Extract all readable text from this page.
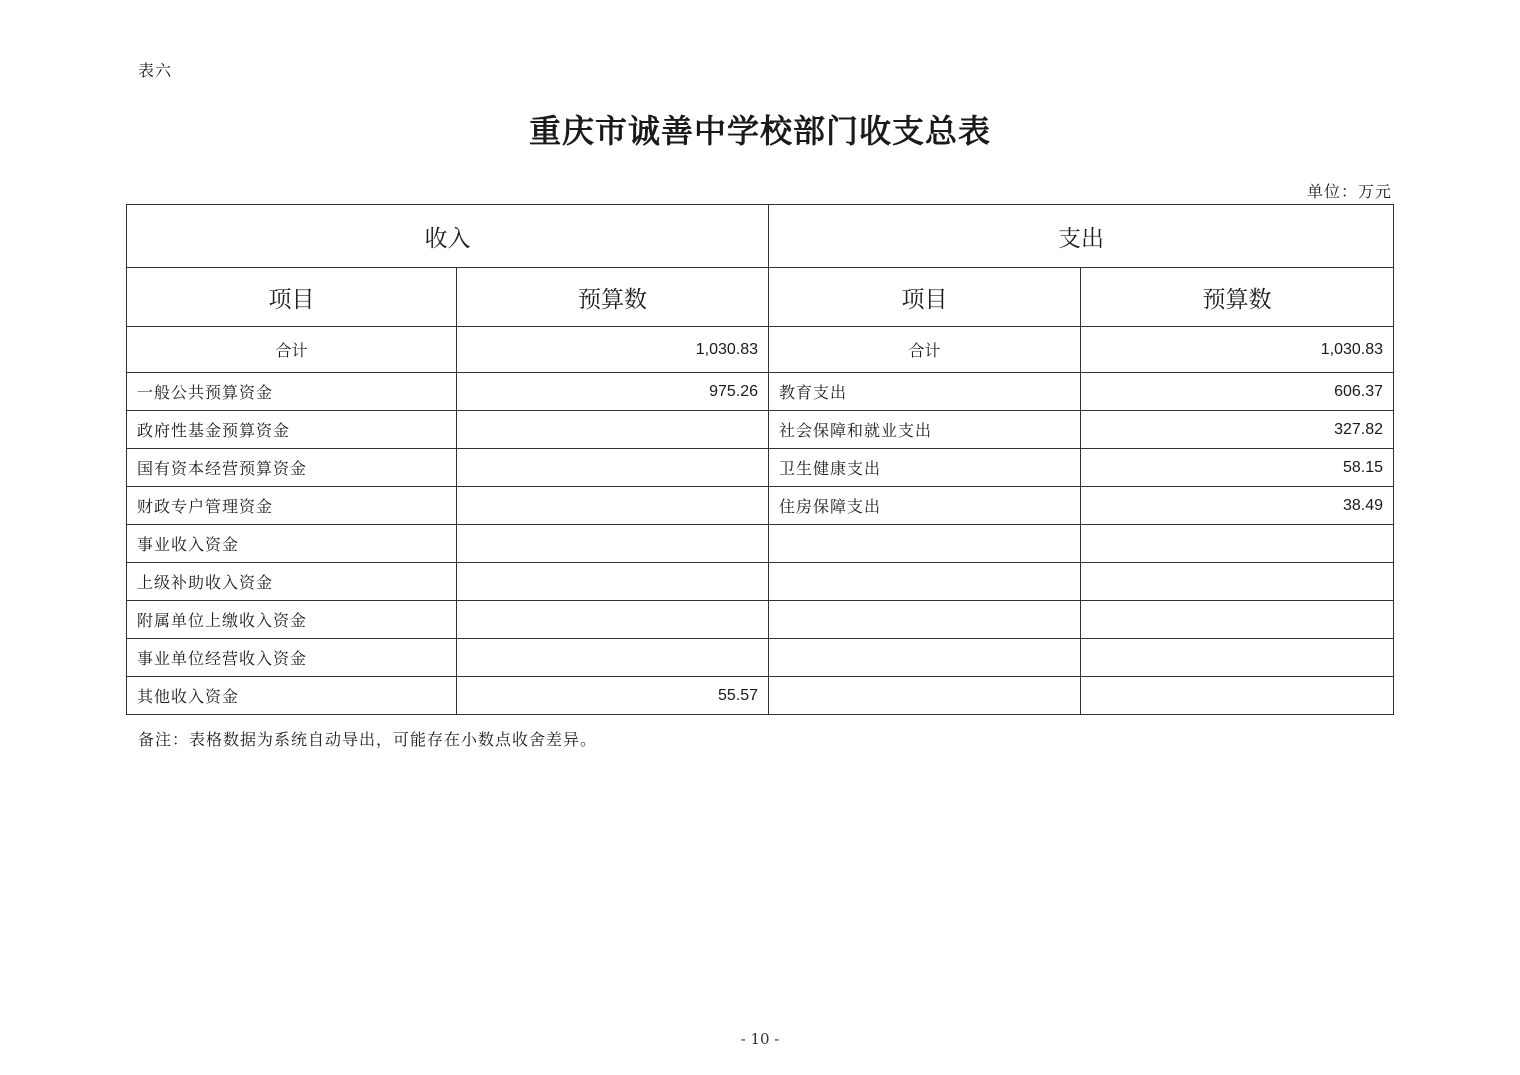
表六
重庆市诚善中学校部门收支总表
单位：万元
收入		支出	
项目	预算数	项目	预算数
合计	1,030.83	合计	1,030.83
一般公共预算资金	975.26	教育支出	606.37
政府性基金预算资金		社会保障和就业支出	327.82
国有资本经营预算资金		卫生健康支出	58.15
财政专户管理资金		住房保障支出	38.49
事业收入资金			
上级补助收入资金			
附属单位上缴收入资金			
事业单位经营收入资金			
其他收入资金	55.57		
备注：表格数据为系统自动导出，可能存在小数点收舍差异。
- 10 -
